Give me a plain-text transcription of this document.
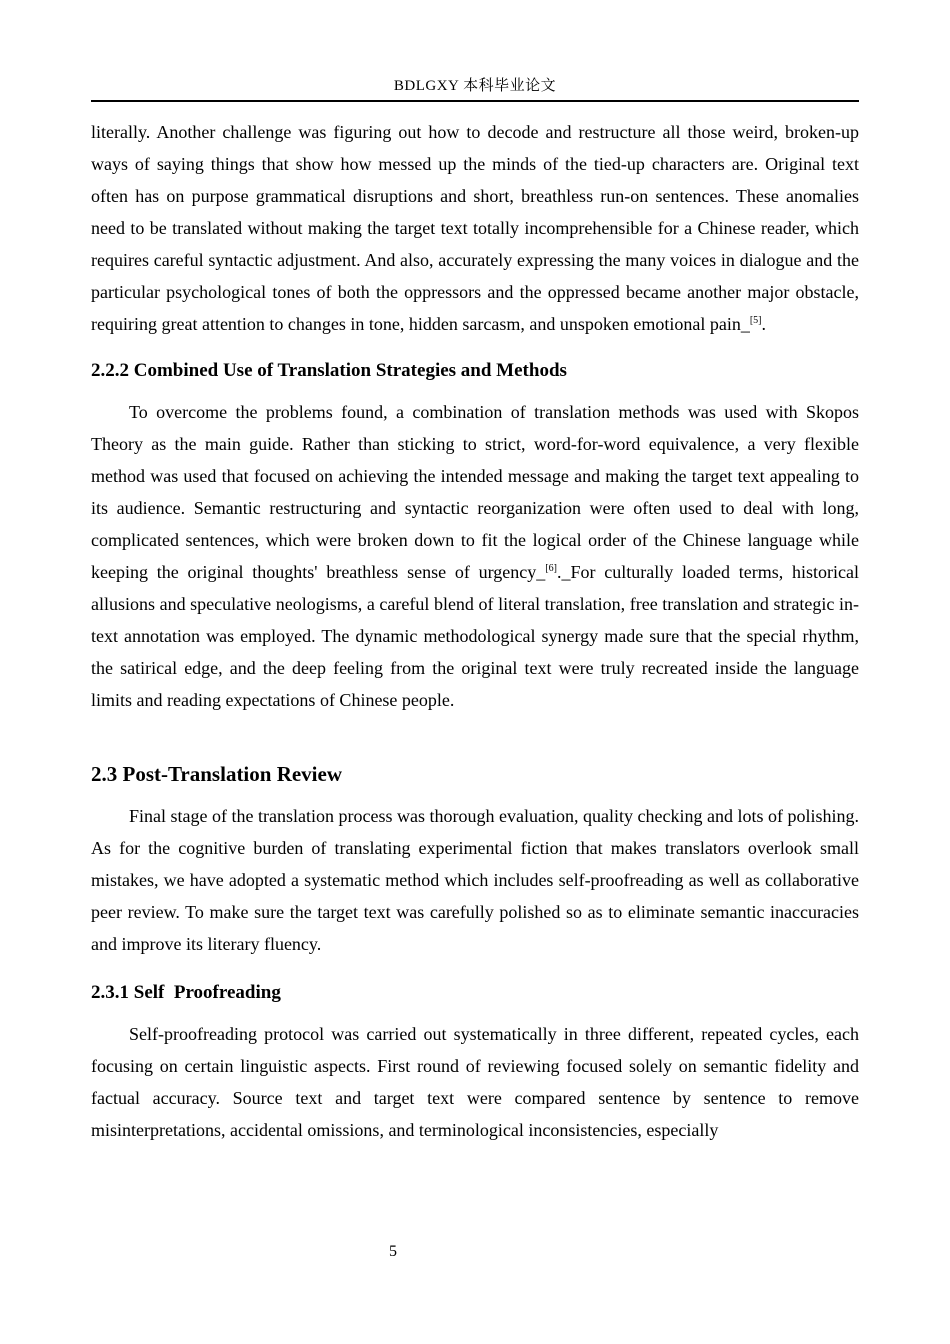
BDLGXY 本科毕业论文

literally. Another challenge was figuring out how to decode and restructure all those weird, broken-up ways of saying things that show how messed up the minds of the tied-up characters are. Original text often has on purpose grammatical disruptions and short, breathless run-on sentences. These anomalies need to be translated without making the target text totally incomprehensible for a Chinese reader, which requires careful syntactic adjustment. And also, accurately expressing the many voices in dialogue and the particular psychological tones of both the oppressors and the oppressed became another major obstacle, requiring great attention to changes in tone, hidden sarcasm, and unspoken emotional pain_[5].

2.2.2 Combined Use of Translation Strategies and Methods

To overcome the problems found, a combination of translation methods was used with Skopos Theory as the main guide. Rather than sticking to strict, word-for-word equivalence, a very flexible method was used that focused on achieving the intended message and making the target text appealing to its audience. Semantic restructuring and syntactic reorganization were often used to deal with long, complicated sentences, which were broken down to fit the logical order of the Chinese language while keeping the original thoughts' breathless sense of urgency_[6]._For culturally loaded terms, historical allusions and speculative neologisms, a careful blend of literal translation, free translation and strategic in-text annotation was employed. The dynamic methodological synergy made sure that the special rhythm, the satirical edge, and the deep feeling from the original text were truly recreated inside the language limits and reading expectations of Chinese people.

2.3 Post-Translation Review

Final stage of the translation process was thorough evaluation, quality checking and lots of polishing. As for the cognitive burden of translating experimental fiction that makes translators overlook small mistakes, we have adopted a systematic method which includes self-proofreading as well as collaborative peer review. To make sure the target text was carefully polished so as to eliminate semantic inaccuracies and improve its literary fluency.

2.3.1 Self  Proofreading

Self-proofreading protocol was carried out systematically in three different, repeated cycles, each focusing on certain linguistic aspects. First round of reviewing focused solely on semantic fidelity and factual accuracy. Source text and target text were compared sentence by sentence to remove misinterpretations, accidental omissions, and terminological inconsistencies, especially

5
